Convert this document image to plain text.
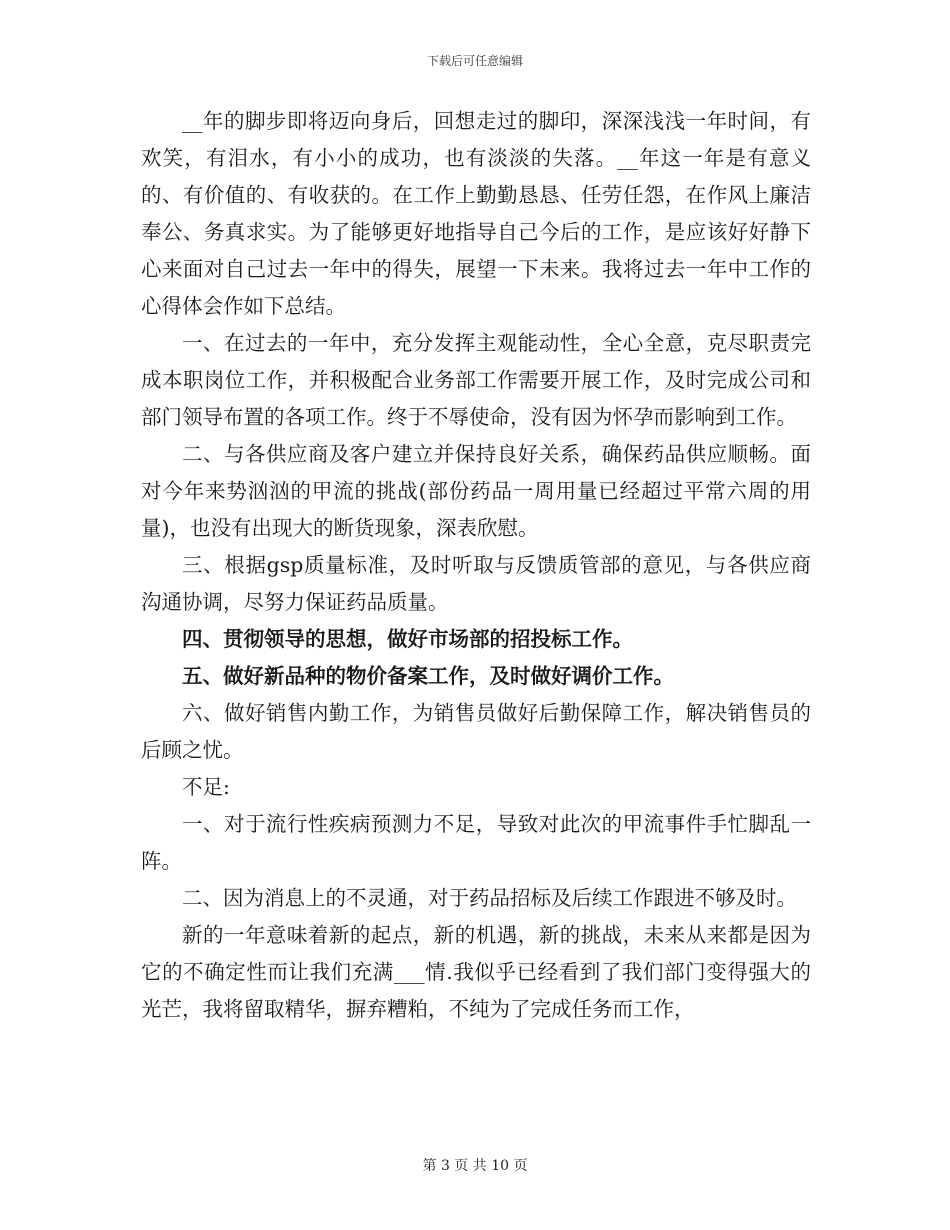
下载后可任意编辑

__年的脚步即将迈向身后，回想走过的脚印，深深浅浅一年时间，有欢笑，有泪水，有小小的成功，也有淡淡的失落。__年这一年是有意义的、有价值的、有收获的。在工作上勤勤恳恳、任劳任怨，在作风上廉洁奉公、务真求实。为了能够更好地指导自己今后的工作，是应该好好静下心来面对自己过去一年中的得失，展望一下未来。我将过去一年中工作的心得体会作如下总结。

一、在过去的一年中，充分发挥主观能动性，全心全意，克尽职责完成本职岗位工作，并积极配合业务部工作需要开展工作，及时完成公司和部门领导布置的各项工作。终于不辱使命，没有因为怀孕而影响到工作。

二、与各供应商及客户建立并保持良好关系，确保药品供应顺畅。面对今年来势汹汹的甲流的挑战(部份药品一周用量已经超过平常六周的用量)，也没有出现大的断货现象，深表欣慰。

三、根据gsp质量标准，及时听取与反馈质管部的意见，与各供应商沟通协调，尽努力保证药品质量。

四、贯彻领导的思想，做好市场部的招投标工作。

五、做好新品种的物价备案工作，及时做好调价工作。

六、做好销售内勤工作，为销售员做好后勤保障工作，解决销售员的后顾之忧。

不足:

一、对于流行性疾病预测力不足，导致对此次的甲流事件手忙脚乱一阵。

二、因为消息上的不灵通，对于药品招标及后续工作跟进不够及时。

新的一年意味着新的起点，新的机遇，新的挑战，未来从来都是因为它的不确定性而让我们充满___情.我似乎已经看到了我们部门变得强大的光芒，我将留取精华，摒弃糟粕，不纯为了完成任务而工作，

第 3 页 共 10 页
